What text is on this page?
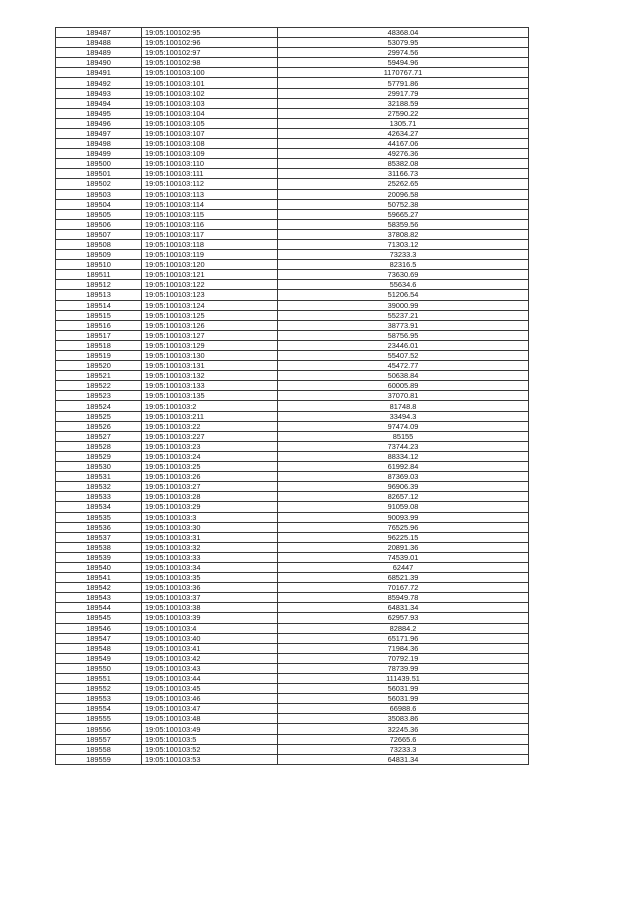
189487	19:05:100102:95	48368.04
189488	19:05:100102:96	53079.95
189489	19:05:100102:97	29974.56
189490	19:05:100102:98	59494.96
189491	19:05:100103:100	1170767.71
189492	19:05:100103:101	57791.86
189493	19:05:100103:102	29917.79
189494	19:05:100103:103	32188.59
189495	19:05:100103:104	27590.22
189496	19:05:100103:105	1305.71
189497	19:05:100103:107	42634.27
189498	19:05:100103:108	44167.06
189499	19:05:100103:109	49276.36
189500	19:05:100103:110	85382.08
189501	19:05:100103:111	31166.73
189502	19:05:100103:112	25262.65
189503	19:05:100103:113	20096.58
189504	19:05:100103:114	50752.38
189505	19:05:100103:115	59665.27
189506	19:05:100103:116	58359.56
189507	19:05:100103:117	37808.82
189508	19:05:100103:118	71303.12
189509	19:05:100103:119	73233.3
189510	19:05:100103:120	82316.5
189511	19:05:100103:121	73630.69
189512	19:05:100103:122	55634.6
189513	19:05:100103:123	51206.54
189514	19:05:100103:124	39000.99
189515	19:05:100103:125	55237.21
189516	19:05:100103:126	38773.91
189517	19:05:100103:127	58756.95
189518	19:05:100103:129	23446.01
189519	19:05:100103:130	55407.52
189520	19:05:100103:131	45472.77
189521	19:05:100103:132	50638.84
189522	19:05:100103:133	60005.89
189523	19:05:100103:135	37070.81
189524	19:05:100103:2	81748.8
189525	19:05:100103:211	33494.3
189526	19:05:100103:22	97474.09
189527	19:05:100103:227	85155
189528	19:05:100103:23	73744.23
189529	19:05:100103:24	88334.12
189530	19:05:100103:25	61992.84
189531	19:05:100103:26	87369.03
189532	19:05:100103:27	96906.39
189533	19:05:100103:28	82657.12
189534	19:05:100103:29	91059.08
189535	19:05:100103:3	90093.99
189536	19:05:100103:30	76525.96
189537	19:05:100103:31	96225.15
189538	19:05:100103:32	20891.36
189539	19:05:100103:33	74539.01
189540	19:05:100103:34	62447
189541	19:05:100103:35	68521.39
189542	19:05:100103:36	70167.72
189543	19:05:100103:37	85949.78
189544	19:05:100103:38	64831.34
189545	19:05:100103:39	62957.93
189546	19:05:100103:4	82884.2
189547	19:05:100103:40	65171.96
189548	19:05:100103:41	71984.36
189549	19:05:100103:42	70792.19
189550	19:05:100103:43	78739.99
189551	19:05:100103:44	111439.51
189552	19:05:100103:45	56031.99
189553	19:05:100103:46	56031.99
189554	19:05:100103:47	66988.6
189555	19:05:100103:48	35083.86
189556	19:05:100103:49	32245.36
189557	19:05:100103:5	72665.6
189558	19:05:100103:52	73233.3
189559	19:05:100103:53	64831.34
